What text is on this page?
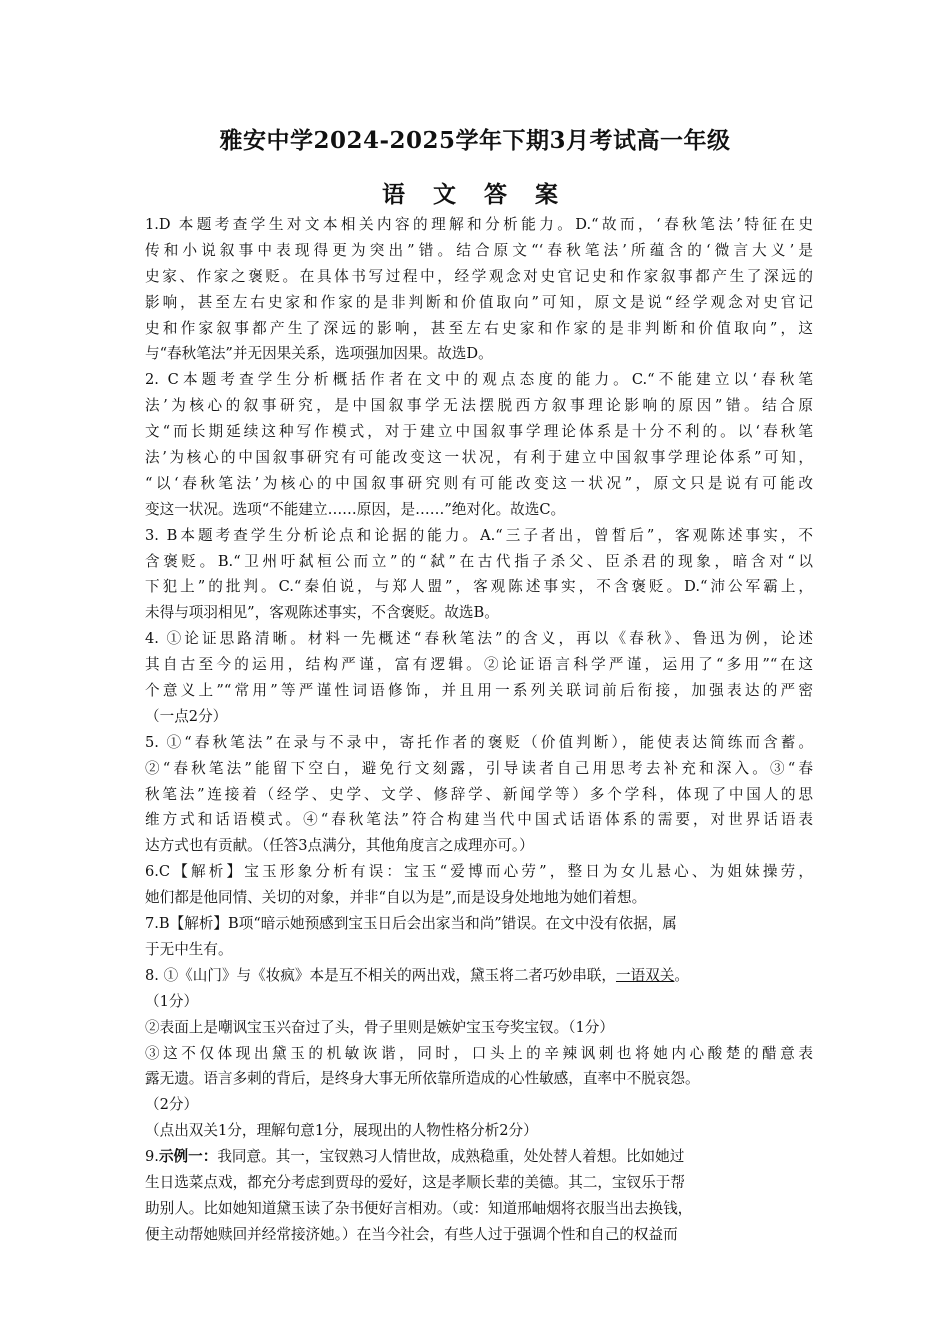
雅安中学2024-2025学年下期3月考试高一年级
语 文 答 案
1.D 本题考查学生对文本相关内容的理解和分析能力。D.“故而，‘春秋笔法’特征在史
传和小说叙事中表现得更为突出”错。结合原文“‘春秋笔法’所蕴含的‘微言大义’是
史家、作家之褒贬。在具体书写过程中，经学观念对史官记史和作家叙事都产生了深远的
影响，甚至左右史家和作家的是非判断和价值取向”可知，原文是说“经学观念对史官记
史和作家叙事都产生了深远的影响，甚至左右史家和作家的是非判断和价值取向”，这
与“春秋笔法”并无因果关系，选项强加因果。故选D。
2. C本题考查学生分析概括作者在文中的观点态度的能力。C.“不能建立以‘春秋笔
法’为核心的叙事研究，是中国叙事学无法摆脱西方叙事理论影响的原因”错。结合原
文“而长期延续这种写作模式，对于建立中国叙事学理论体系是十分不利的。以‘春秋笔
法’为核心的中国叙事研究有可能改变这一状况，有利于建立中国叙事学理论体系”可知，
“以‘春秋笔法’为核心的中国叙事研究则有可能改变这一状况”，原文只是说有可能改
变这一状况。选项“不能建立……原因，是……”绝对化。故选C。
3. B本题考查学生分析论点和论据的能力。A.“三子者出，曾皙后”，客观陈述事实，不
含褒贬。B.“卫州吁弑桓公而立”的“弑”在古代指子杀父、臣杀君的现象，暗含对“以
下犯上”的批判。C.“秦伯说，与郑人盟”，客观陈述事实，不含褒贬。D.“沛公军霸上，
未得与项羽相见”，客观陈述事实，不含褒贬。故选B。
4. ①论证思路清晰。材料一先概述“春秋笔法”的含义，再以《春秋》、鲁迅为例，论述
其自古至今的运用，结构严谨，富有逻辑。②论证语言科学严谨，运用了“多用”“在这
个意义上”“常用”等严谨性词语修饰，并且用一系列关联词前后衔接，加强表达的严密
（一点2分）
5. ①“春秋笔法”在录与不录中，寄托作者的褒贬（价值判断），能使表达简练而含蓄。
②“春秋笔法”能留下空白，避免行文刻露，引导读者自己用思考去补充和深入。③“春
秋笔法”连接着（经学、史学、文学、修辞学、新闻学等）多个学科，体现了中国人的思
维方式和话语模式。④“春秋笔法”符合构建当代中国式话语体系的需要，对世界话语表
达方式也有贡献。（任答3点满分，其他角度言之成理亦可。）
6.C【解析】宝玉形象分析有误：宝玉“爱博而心劳”，整日为女儿悬心、为姐妹操劳，
她们都是他同情、关切的对象，并非“自以为是”,而是设身处地地为她们着想。
7.B【解析】B项“暗示她预感到宝玉日后会出家当和尚”错误。在文中没有依据，属
于无中生有。
8. ①《山门》与《妆疯》本是互不相关的两出戏，黛玉将二者巧妙串联，一语双关。
（1分）
②表面上是嘲讽宝玉兴奋过了头，骨子里则是嫉妒宝玉夸奖宝钗。（1分）
③这不仅体现出黛玉的机敏诙谐，同时，口头上的辛辣讽刺也将她内心酸楚的醋意表
露无遗。语言多刺的背后，是终身大事无所依靠所造成的心性敏感，直率中不脱哀怨。
（2分）
（点出双关1分，理解句意1分，展现出的人物性格分析2分）
9.示例一：我同意。其一，宝钗熟习人情世故，成熟稳重，处处替人着想。比如她过
生日选菜点戏，都充分考虑到贾母的爱好，这是孝顺长辈的美德。其二，宝钗乐于帮
助别人。比如她知道黛玉读了杂书便好言相劝。（或：知道邢岫烟将衣服当出去换钱，
便主动帮她赎回并经常接济她。）在当今社会，有些人过于强调个性和自己的权益而
